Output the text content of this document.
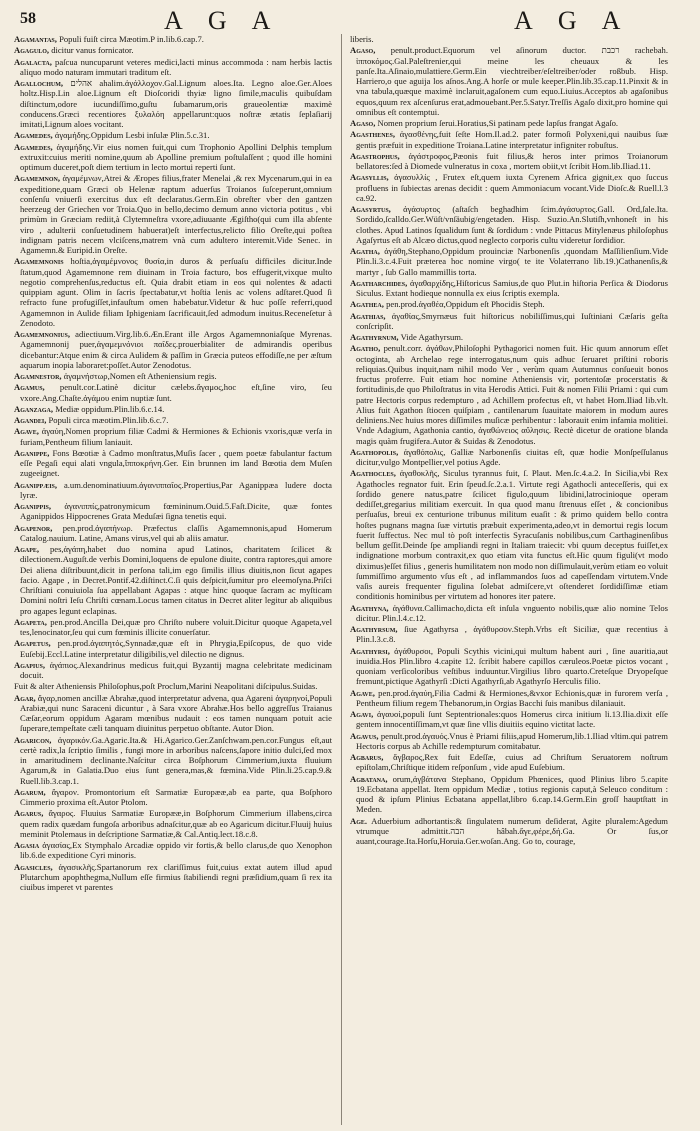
58	A G A	A G A

Agamantas, Populi fuiſt circa Mæotim.P in.lib.6.cap.7.

Agagulo, dicitur vanus fornicator.

Agalacta, paſcua nuncuparunt veteres medici,lacti minus accommoda : nam herbis lactis aliquo modo naturam immutari traditum eſt.

Agallochum, אהלים ahalim.ἀγάλλοχον.Gal.Lignum aloes.Ita. Legno aloe.Ger.Aloes holtz.Hisp.Lin aloe.Lignum eſt Dioſcoridi thyiæ ligno ſimile,maculis quibuſdam diſtinctum,odore iucundiſſimo,guſtu ſubamarum,oris graueolentiæ maximè conducens.Græci recentiores ξυλαλόη appellarunt:quos noſtræ ætatis ſeplaſiarij imitati,Lignum aloes vocitant.

Agamedes, ἀγαμήδης.Oppidum Lesbi inſulæ Plin.5.c.31.

Agamedes, ἀγαμήδης.Vir eius nomen fuit,qui cum Trophonio Apollini Delphis templum extruxit:cuius meriti nomine,quum ab Apolline premium poſtulaſſent ; quod ille homini optimum duceret,poſt diem tertium in lecto mortui reperti ſunt.

Agamemnon, ἀγαμέμνων,Atrei & Æropes filius,frater Menelai ,& rex Mycenarum,qui in ea expeditione,quam Græci ob Helenæ raptum aduerſus Troianos ſuſceperunt,omnium conſenſu vniuerſi exercitus dux eſt declaratus.Germ.Ein obreſter vber den gantzen heerzeug der Griechen vor Troia.Quo in bello,decimo demum anno victoria potitus , vbi primùm in Græciam rediit,à Clytemneſtra vxore,adiuuante Ægiſtho(qui cum illa abſente viro , adulterii conſuetudinem habuerat)eſt interfectus,relicto filio Oreſte,qui poſtea indignam patris necem vlciſcens,matrem vnà cum adultero interemit.Vide Senec. in Agamemn.& Euripid.in Oreſte.

Agamemnonis hoſtia,ἀγαμέμνονος θυσία,in duros & perſuaſu difficiles dicitur.Inde ſtatum,quod Agamemnone rem diuinam in Troia facturo, bos effugerit,vixque multo negotio comprehenſus,reductus eſt. Quia drabit etiam in eos qui nolentes & adacti quippiam agunt. Olim in ſacris ſpectabatur,vt hoſtia lenis ac volens adſtaret.Quod ſi refracto fune profugiſſet,infauſtum omen habebatur.Videtur & huc poſſe referri,quod Agamemnon in Aulide filiam Iphigeniam ſacrificauit,ſed admodum inuitus.Receneſetur à Zenodoto.

Agamemnonius, adiectiuum.Virg.lib.6.Æn.Erant ille Argos Agamemnoniaſque Myrenas. Agamemnonij puer,ἀγαμεμνόνιοι παῖδες.prouerbialiter de admirandis operibus dicebantur:Atque enim & circa Aulidem & paſſim in Græcia puteos effodiſſe,ne per æſtum aquarum inopia laboraret:poſſet.Autor Zenodotus.

Agamnestor, ἀγαμνήστωρ,Nomen eſt Atheniensium regis.

Agamus, penult.cor.Latinè dicitur cælebs.ἄγαμος,hoc eſt,ſine viro, ſeu vxore.Ang.Chaſte.ἀγάμου enim nuptiæ ſunt.

Aganzaga, Mediæ oppidum.Plin.lib.6.c.14.

Agandei, Populi circa mæotim.Plin.lib.6.c.7.

Agave, ἀγαύη,Nomen proprium filiæ Cadmi & Hermiones & Echionis vxoris,quæ verſa in furiam,Pentheum filium laniauit.

Aganippe, Fons Bœotiæ à Cadmo monſtratus,Muſis ſacer , quem poetæ fabulantur factum eſſe Pegaſi equi alati vngula,ἵπποκρήνη.Ger. Ein brunnen im land Bœotia dem Muſen zugeeignet.

Aganippæis, a.um.denominatiuum.ἀγανιππαῖος.Propertius,Par Aganippæa ludere docta lyræ.

Aganippis, ἀγανιππίς,patronymicum fœmininum.Ouid.5.Faſt.Dicite, quæ fontes Aganippidos Hippocrenes Grata Meduſæi ſigna tenetis equi.

Agapenor, pen.prod.ἀγαπήνωρ. Præfectus claſſis Agamemnonis,apud Homerum Catalog.nauium. Latine, Amans virus,vel qui ab aliis amatur.

Agape, pes,ἀγάπη,habet duo nomina apud Latinos, charitatem ſcilicet & dilectionem.Auguſt.de verbis Domini,loquens de epulone diuite, contra raptores,qui amore Dei aliena diſtribuunt,dicit in perſona tali,im ego ſimilis illius diuitis,non ſicut agapes facio. Agape , in Decret.Pontif.42.diſtinct.C.ſi quis deſpicit,ſumitur pro eleemoſyna.Priſci Chriſtiani conuiuiola ſua appellabant Agapas : atque hinc quoque ſacram ac myſticam Domini noſtri Ieſu Chriſti cœnam.Locus tamen citatus in Decret aliter legitur ab aliquibus pro agapes legunt eclapinas.

Agapeta, pen.prod.Ancilla Dei,quæ pro Chriſto nubere voluit.Dicitur quoque Agapeta,vel tes,lenocinator,ſeu qui cum fœminis illicite conuerſatur.

Agapetus, pen.prod.ἀγαπητός,Synnadæ,quæ eſt in Phrygia,Epiſcopus, de quo vide Euſebij.Eccl.Latine interpretatur diligibilis,vel dilectio ne dignus.

Agapius, ἀγάπιος.Alexandrinus medicus fuit,qui Byzantij magna celebritate medicinam docuit.

Fuit & alter Atheniensis Philoſophus,poſt Proclum,Marini Neapolitani diſcipulus.Suidas.

Agar, ἄγαρ,nomen ancillæ Abrahæ,quod interpretatur advena, qua Agareni ἀγαρηνοί,Populi Arabiæ,qui nunc Saraceni dicuntur , à Sara vxore Abrahæ.Hos bello aggreſſus Traianus Cæſar,eorum oppidum Agaram mœnibus nudauit : eos tamen nunquam potuit acie ſuperare,tempeſtate cæli tanquam diuinitus perpetuo obſtante. Autor Dion.

Agaricon, ἀγαρικόν.Ga.Agaric.Ita.& Hi.Agarico.Ger.Zanſchwam.pen.cor.Fungus eſt,aut certè radix,la ſcriptio ſimilis , fungi more in arboribus naſcens,ſapore initio dulci,ſed mox in amaritudinem declinante.Naſcitur circa Boſphorum Cimmerium,iuxta fluuium Agarum,& in Galatia.Duo eius ſunt genera,mas,& fœmina.Vide Plin.li.25.cap.9.& Ruell.lib.3.cap.1.

Agarum, ἄγαρον. Promontorium eſt Sarmatiæ Europææ,ab ea parte, qua Boſphoro Cimmerio proxima eſt.Autor Ptolom.

Agarus, ἄγαρος. Fluuius Sarmatiæ Europææ,in Boſphorum Cimmerium illabens,circa quem radix quædam fungoſa arboribus adnaſcitur,quæ ab eo Agaricum dicitur.Fluuij huius meminit Ptolemaus in deſcriptione Sarmatiæ,& Cal.Antiq.lect.18.c.8.

Agasia ἀγασίας,Ex Stymphalo Arcadiæ oppido vir fortis,& bello clarus,de quo Xenophon lib.6.de expeditione Cyri minoris.

Agasicles, ἀγασικλῆς.Spartanorum rex clariſſimus fuit,cuius extat autem illud apud Plutarchum apophthegma,Nullum eſſe firmius ſtabiliendi regni præſidium,quam ſi rex ita ciuibus imperet vt parentes

liberis.

Agaſo, penult.product.Equorum vel aſinorum ductor. רכבת rachebah. ἱπποκόμος.Gal.Paleſtrenier,qui meine les cheuaux & les panſe.Ita.Aſinaio,mulattiere.Germ.Ein viechtreiber/eſeltreiber/oder roßbub. Hisp. Harriero,o que aguija los aſnos.Ang.A horſe or mule keeper.Plin.lib.35.cap.11.Pinxit & in vna tabula,quæque maximè inclaruit,agaſonem cum equo.Liuius.Acceptos ab agaſonibus equos,quum rex aſcenſurus erat,admouebant.Per.5.Satyr.Treſſis Agaſo dixit,pro homine qui omnibus eſt contemptui.

Agaso, Nomen proprium ſerui.Horatius,Si patinam pede lapſus frangat Agaſo.

Agasthenes, ἀγασθένης,fuit ſeſte Hom.Il.ad.2. pater formoſi Polyxeni,qui nauibus ſuæ gentis præfuit in expeditione Troiana.Latine interpretatur infigniter robuſtus.

Agastrophus, ἀγάστροφος,Pæonis fuit filius,& heros inter primos Troianorum bellatores:ſed à Diomede vulneratus in coxa , mortem obiit,vt ſcribit Hom.lib.Iliad.11.

Agasyllis, ἀγασυλλίς , Frutex eſt,quem iuxta Cyrenem Africa gignit,ex quo ſuccus profluens in ſubiectas arenas decidit : quem Ammoniacum vocant.Vide Dioſc.& Ruell.l.3 ca.92.

Agasyrtus, ἀγάσυρτος (aſtaſch beghadhim ſcim.ἀγάσυρτος.Gall. Ord,ſale.Ita. Sordido,ſcalldo.Ger.Wüſt/vnſäubig/engetaden. Hisp. Suzio.An.Slutiſh,vnhoneſt in his clothes. Apud Latinos ſqualidum ſunt & ſordidum : vnde Pittacus Mitylenæus philoſophus Agaſyrtus eſt ab Alcæo dictus,quod neglecto corporis cultu videretur ſordidior.

Agatha, ἀγάθη,Stephano,Oppidum prouinciæ Narbonenſis ,quondam Maſſilienſium.Vide Plin.li.3.c.4.Fuit præterea hoc nomine virgo( te ite Volaterrano lib.19.)Cathanenſis,& martyr , ſub Gallo mammillis torta.

Agatharchides, ἀγαθαρχίδης,Hiſtoricus Samius,de quo Plut.in hiſtoria Perſica & Diodorus Siculus. Extant hodieque nonnulla ex eius ſcriptis exempla.

Agathea, pen.prod.ἀγαθέα,Oppidum eſt Phocidis Steph.

Agathias, ἀγαθίας,Smyrnæus fuit hiſtoricus nobiliſſimus,qui Iuſtiniani Cæſaris geſta conſcripſit.

Agathyrnum, Vide Agathyrsum.

Agatho, penult.corr. ἀγάθων,Philoſophi Pythagorici nomen fuit. Hic quum annorum eſſet octoginta, ab Archelao rege interrogatus,num quis adhuc ſeruaret priſtini roboris reliquias.Quibus inquit,nam nihil modo Ver , verùm quam Autumnus conſueuit bonos fructus proferre. Fuit etiam hoc nomine Atheniensis vir, portentoſæ procerstatis & fortitudinis,de quo Philoſtratus in vita Herodis Attici. Fuit & nomen Filii Priami : qui cum patre Hectoris corpus redempturo , ad Achillem profectus eſt, vt habet Hom.Iliad lib.vlt. Alius fuit Agathon ſtiocen quiſpiam , cantilenarum ſuauitate maiorem in modum aures deliniens.Nec huius mores diſſimiles muſicæ perhibentur : laborauit enim infamia molitiei. Vnde Adagium, Agathonia cantio, ἀγαθώνειος αὔλησις. Rectè dicetur de oratione blanda magis quàm frugifera.Autor & Suidas & Zenodotus.

Agathopolis, ἀγαθόπολις, Galliæ Narbonenſis ciuitas eſt, quæ hodie Monſpeſſulanus dicitur,vulgo Montpellier,vel potius Agde.

Agathocles, ἀγαθοκλῆς, Siculus tyrannus fuit, ſ. Plaut. Men.ſc.4.a.2. In Sicilia,vbi Rex Agathocles regnator fuit. Erin ſpeud.ſc.2.a.1. Virtute regi Agathocli anteceſſeris, qui ex ſordido genere natus,patre ſcilicet figulo,quum libidini,latrocinioque operam dediſſet,gregarius militiam exercuit. In qua quod manu ſtrenuus eſſet , & concionibus perſuaſus, breui ex centurione tribunus militum euaſit : & primo quidem bello contra hoſtes pugnans magna ſuæ virtutis præbuit experimenta,adeo,vt in demortui regis locum fuerit ſuffectus. Nec mul tò poſt interfectis Syracuſanis nobilibus,cum Carthaginenſibus bellum geſſit.Deinde ſpe ampliandi regni in Italiam traiecit: vbi quum deceptus fuiſſet,ex indignatione morbum contraxit,ex quo etiam vita functus eſt.Hic quum figuli(vt modo diximus)eſſet filius , generis humilitatem non modo non diſſimulauit,verùm etiam eo voluit ſummiſſimo argumento vſus eſt , ad inflammandos ſuos ad capeſſendam virtutem.Vnde vaſis aureis frequenter figulina ſolebat admiſcere,vt oſtenderet ſordidiſſimæ etiam conditionis hominibus per virtutem ad honores iter patere.

Agathyna, ἀγάθυνα.Callimacho,dicta eſt inſula vnguento nobilis,quæ alio nomine Telos dicitur. Plin.l.4.c.12.

Agathyrsum, ſiue Agathyrsa , ἀγάθυρσον.Steph.Vrbs eſt Siciliæ, quæ recentius à Plin.l.3.c.8.

Agathyrsi, ἀγάθυρσοι, Populi Scythis vicini,qui multum habent auri , ſine auaritia,aut inuidia.Hos Plin.libro 4.capite 12. ſcribit habere capillos cæruleos.Poetæ pictos vocant , quoniam verſicoloribus veſtibus induuntur.Virgilius libro quarto.Creteſque Dryopeſque fremunt,pictique Agathyrſi :Dicti Agathyrſi,ab Agathyrſo Herculis filio.

Agave, pen.prod.ἀγαύη,Filia Cadmi & Hermiones,&vxor Echionis,quæ in furorem verſa , Pentheum filium regem Thebanorum,in Orgias Bacchi ſuis manibus dilaniauit.

Agavi, ἀγαυοί,populi ſunt Septentrionales:quos Homerus circa initium li.13.Ilia.dixit eſſe gentem innocentiſſimam,vt quæ ſine vllis diuitiis equino victitat lacte.

Agavus, penult.prod.ἀγαυός.Vnus è Priami filiis,apud Homerum,lib.1.Iliad vltim.qui patrem Hectoris corpus ab Achille redempturum comitabatur.

Agbarus, ἄγβαρος,Rex fuit Edeſſæ, cuius ad Chriſtum Seruatorem noſtrum epiſtolam,Chriſtique itidem reſponſum , vide apud Euſebium.

Agbatana, orum,ἀγβάτανα Stephano, Oppidum Phœnices, quod Plinius libro 5.capite 19.Ecbatana appellat. Item oppidum Mediæ , totius regionis caput,à Seleuco conditum : quod & ipſum Plinius Ecbatana appellat,libro 6.cap.14.Germ.Ein groſſ hauptſtatt in Meden.

Age. Aduerbium adhortantis:& ſingulatem numerum deſiderat, Agite pluralem:Agedum vtrumque admittit.הבה hâbah.ἄγε,φέρε,δή.Ga. Or ſus,or auant,courage.Ita.Horſu,Horuia.Ger.woſan.Ang. Go to, courage,
